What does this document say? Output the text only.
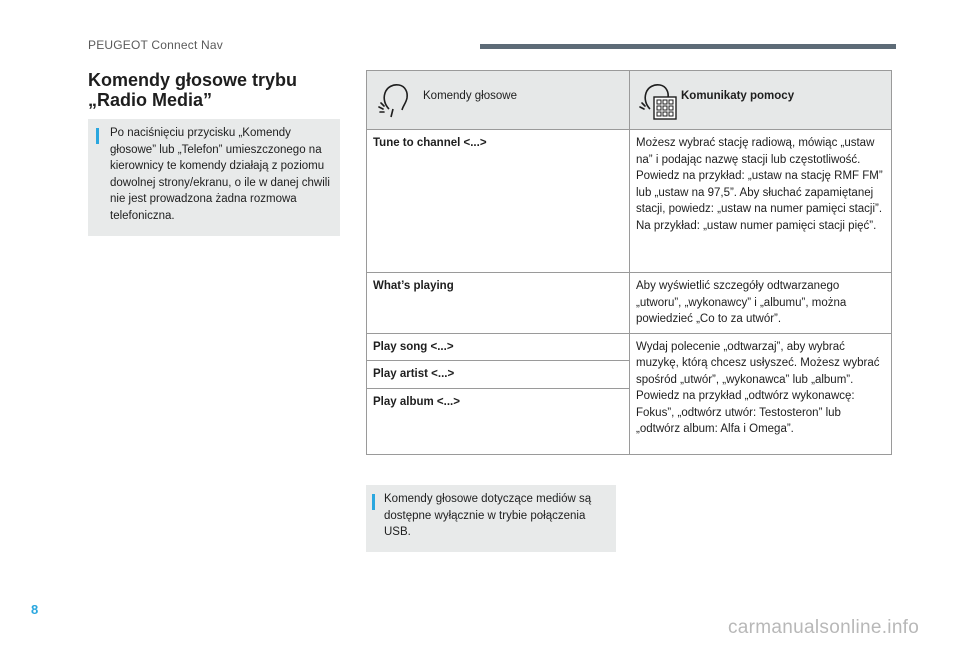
PEUGEOT Connect Nav
Komendy głosowe trybu
„Radio Media”
Po naciśnięciu przycisku „Komendy głosowe” lub „Telefon” umieszczonego na kierownicy te komendy działają z poziomu dowolnej strony/ekranu, o ile w danej chwili nie jest prowadzona żadna rozmowa telefoniczna.
Komendy głosowe	Komunikaty pomocy

Tune to channel <...>	Możesz wybrać stację radiową, mówiąc „ustaw na” i podając nazwę stacji lub częstotliwość. Powiedz na przykład: „ustaw na stację RMF FM” lub „ustaw na 97,5”. Aby słuchać zapamiętanej stacji, powiedz: „ustaw na numer pamięci stacji”. Na przykład: „ustaw numer pamięci stacji pięć”.
What’s playing	Aby wyświetlić szczegóły odtwarzanego „utworu”, „wykonawcy” i „albumu”, można powiedzieć „Co to za utwór”.
Play song <...>	Wydaj polecenie „odtwarzaj”, aby wybrać muzykę, którą chcesz usłyszeć. Możesz wybrać spośród „utwór”, „wykonawca” lub „album”. Powiedz na przykład „odtwórz wykonawcę: Fokus”, „odtwórz utwór: Testosteron” lub „odtwórz album: Alfa i Omega”.
Play artist <...>	
Play album <...>	
Komendy głosowe dotyczące mediów są dostępne wyłącznie w trybie połączenia USB.
8
carmanualsonline.info
